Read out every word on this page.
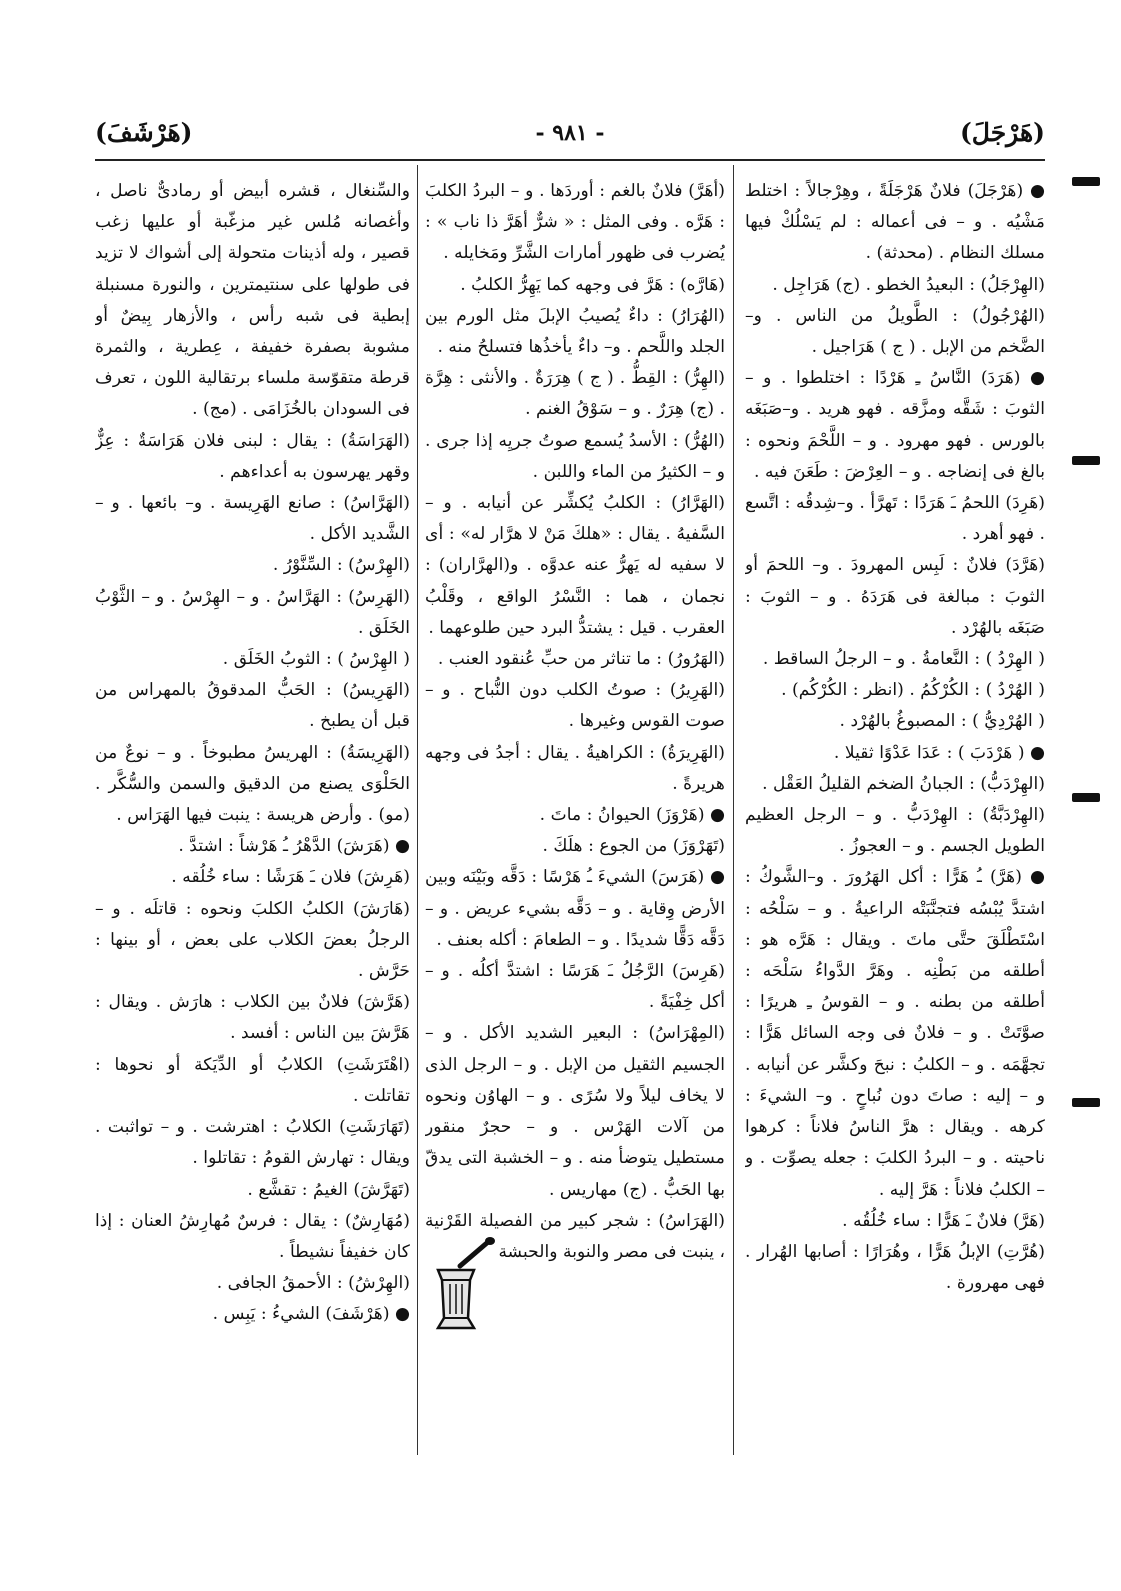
(هَرْجَلَ)
- ٩٨١ -
(هَرْشَفَ)

● (هَرْجَلَ) فلانٌ هَرْجَلَةً ، وهِرْجالاً : اختلط مَشْيُه . و – فى أعماله : لم يَسْلُكْ فيها مسلك النظام . (محدثة) .

(الهِرْجَلُ) : البعيدُ الخطو . (ج) هَرَاجِل .

(الهُرْجُولُ) : الطَّويلُ من الناس . و– الضَّخم من الإبل . ( ج ) هَرَاجيل .

● (هَرَدَ) النَّاسُ ـِ هَرْدًا : اختلطوا . و – الثوبَ : شَقَّه ومزَّقه . فهو هريد . و–صَبَغَه بالورس . فهو مهرود . و – اللَّحْمَ ونحوه : بالغ فى إنضاجه . و – العِرْضَ : طَعَنَ فيه .

(هَرِدَ) اللحمُ ـَ هَرَدًا : تَهرَّأ . و–شِدقُه : اتَّسع . فهو أهرد .

(هَرَّدَ) فلانٌ : لَبِس المهرودَ . و– اللحمَ أو الثوبَ : مبالغة فى هَرَدَهُ . و – الثوبَ : صَبَغَه بالهُرْد .

( الهِرْدُ ) : النَّعامةُ . و – الرجلُ الساقط .

( الهُرْدُ ) : الكُرْكُمُ . (انظر : الكُرْكُم) .

( الهُرْدِيُّ ) : المصبوغُ بالهُرْد .

● ( هَرْدَبَ ) : عَدَا عَدْوًا ثقيلا .

(الهِرْدَبُّ) : الجبانُ الضخم القليلُ العَقْل .

(الهِرْدَبَّةُ) : الهِرْدَبُّ . و – الرجل العظيم الطويل الجسم . و – العجوزُ .

● (هَرَّ) ـُ هَرًّا : أكل الهَرُورَ . و–الشَّوكُ : اشتدَّ يُبْسُه فتجنَّبَتْه الراعيةُ . و – سَلْحُه : اسْتَطْلَقَ حتَّى ماتَ . ويقال : هَرَّه هو : أطلقه من بَطْنِه . وهَرَّ الدَّواءُ سَلْحَه : أطلقه من بطنه . و – القوسُ ـِ هريرًا : صوَّتَتْ . و – فلانٌ فى وجه السائل هَرًّا : تجهَّمَه . و – الكلبُ : نبحَ وكشَّر عن أنيابه . و – إليه : صاتَ دون نُباحٍ . و– الشيءَ : كرهه . ويقال : هرَّ الناسُ فلاناً : كرهوا ناحيته . و – البردُ الكلبَ : جعله يصوِّت . و – الكلبُ فلاناً : هَرَّ إليه .

(هَرَّ) فلانٌ ـَ هَرًّا : ساء خُلُقُه .

(هُرَّتِ) الإبلُ هَرًّا ، وهُرَارًا : أصابها الهُرار . فهى مهرورة .

(أهَرَّ) فلانٌ بالغم : أوردَها . و – البردُ الكلبَ : هَرَّه . وفى المثل : « شرٌّ أهَرَّ ذا ناب » : يُضرب فى ظهور أمارات الشَّرِّ ومَخايله .

(هَارَّه) : هَرَّ فى وجهه كما يَهِرُّ الكلبُ .

(الهُرَارُ) : داءٌ يُصيبُ الإبلَ مثل الورم بين الجلد واللَّحم . و– داءٌ يأخذُها فتسلحُ منه .

(الهِرُّ) : القِطُّ . ( ج ) هِرَرَةٌ . والأنثى : هِرَّة . (ج) هِرَرٌ . و – سَوْقُ الغنم .

(الهُرُّ) : الأسدُ يُسمع صوتُ جريِه إذا جرى . و – الكثيرُ من الماء واللبن .

(الهَرَّارُ) : الكلبُ يُكشِّر عن أنيابه . و – السَّفيهُ . يقال : «هلكَ مَنْ لا هرَّار له» : أى لا سفيه له يَهرُّ عنه عدوَّه . و(الهرَّاران) : نجمان ، هما : النَّسْرُ الواقع ، وقَلْبُ العقرب . قيل : يشتدُّ البرد حين طلوعهما .

(الهَرُورُ) : ما تناثر من حبِّ عُنقود العنب .

(الهَرِيرُ) : صوتُ الكلب دون النُّباح . و – صوت القوس وغيرها .

(الهَرِيرَةُ) : الكراهيةُ . يقال : أجدُ فى وجهه هريرةً .

● (هَرْوَزَ) الحيوانُ : ماتَ .

(تَهَرْوَزَ) من الجوع : هلَكَ .

● (هَرَسَ) الشيءَ ـُ هَرْسًا : دَقَّه وبَيْنَه وبين الأرض وِقاية . و – دَقَّه بشيء عريض . و – دَقَّه دَقًّا شديدًا . و – الطعامَ : أكله بعنف .

(هَرِسَ) الرَّجُلُ ـَ هَرَسًا : اشتدَّ أكلُه . و – أكل خِفْيَةً .

(المِهْرَاسُ) : البعير الشديد الأكل . و – الجسيم الثقيل من الإبل . و – الرجل الذى لا يخاف ليلاً ولا سُرًى . و – الهاوُن ونحوه من آلات الهَرْس . و – حجرٌ منقور مستطيل يتوضأ منه . و – الخشبة التى يدقّ بها الحَبُّ . (ج) مهاريس .

(الهَرَاسُ) : شجر كبير من الفصيلة القَرْنية ، ينبت فى مصر والنوبة والحبشة

والسِّنغال ، قشره أبيض أو رمادىٌّ ناصل ، وأغصانه مُلس غير مزغّبة أو عليها زغب قصير ، وله أذينات متحولة إلى أشواك لا تزيد فى طولها على سنتيمترين ، والنورة مسنبلة إبطية فى شبه رأس ، والأزهار بِيضٌ أو مشوبة بصفرة خفيفة ، عِطرية ، والثمرة قرطة متقوّسة ملساء برتقالية اللون ، تعرف فى السودان بالخُزَامَى . (مج) .

(الهَرَاسَةُ) : يقال : لبنى فلان هَرَاسَةٌ : عِزٌّ وقهر يهرسون به أعداءهم .

(الهَرَّاسُ) : صانع الهَرِيسة . و– بائعها . و – الشَّديد الأكل .

(الهِرْسُ) : السِّنَّوْرُ .

(الهَرِسُ) : الهَرَّاسُ . و – الهِرْسُ . و – الثَّوْبُ الخَلَق .

( الهِرْسُ ) : الثوبُ الخَلَق .

(الهَرِيسُ) : الحَبُّ المدقوقُ بالمهراس من قبل أن يطبخ .

(الهَرِيسَةُ) : الهريسُ مطبوخاً . و – نوعٌ من الحَلْوَى يصنع من الدقيق والسمن والسُّكَّر . (مو) . وأرض هريسة : ينبت فيها الهَرَاس .

● (هَرَشَ) الدَّهْرُ ـُ هَرْشاً : اشتدَّ .

(هَرِشَ) فلان ـَ هَرَشًا : ساء خُلُقه .

(هَارَشَ) الكلبُ الكلبَ ونحوه : قاتلَه . و – الرجلُ بعضَ الكلاب على بعض ، أو بينها : حَرَّش .

(هَرَّشَ) فلانٌ بين الكلاب : هارَش . ويقال : هَرَّشَ بين الناس : أفسد .

(اهْتَرَشَتِ) الكلابُ أو الدِّيَكة أو نحوها : تقاتلت .

(تَهَارَشَتِ) الكلابُ : اهترشت . و – تواثبت . ويقال : تهارش القومُ : تقاتلوا .

(تَهَرَّشَ) الغيمُ : تقشَّع .

(مُهَارِشٌ) : يقال : فرسٌ مُهارِشُ العنان : إذا كان خفيفاً نشيطاً .

(الهِرْشُ) : الأحمقُ الجافى .

● (هَرْشَفَ) الشيءُ : يَبِس .
